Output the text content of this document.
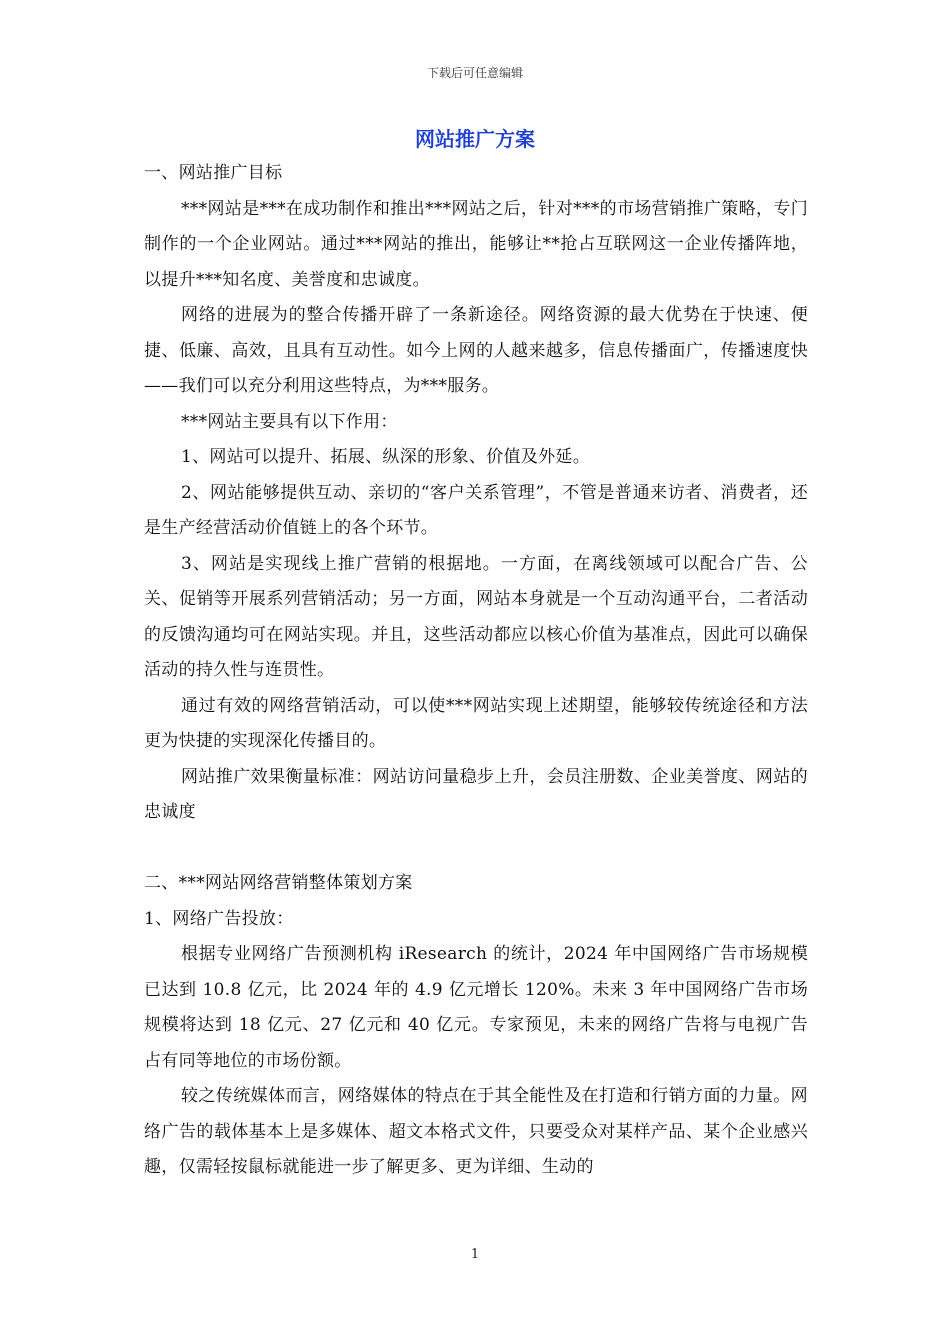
下载后可任意编辑
网站推广方案

一、网站推广目标

***网站是***在成功制作和推出***网站之后，针对***的市场营销推广策略，专门制作的一个企业网站。通过***网站的推出，能够让**抢占互联网这一企业传播阵地，以提升***知名度、美誉度和忠诚度。

网络的进展为的整合传播开辟了一条新途径。网络资源的最大优势在于快速、便捷、低廉、高效，且具有互动性。如今上网的人越来越多，信息传播面广，传播速度快——我们可以充分利用这些特点，为***服务。

***网站主要具有以下作用：

1、网站可以提升、拓展、纵深的形象、价值及外延。

2、网站能够提供互动、亲切的“客户关系管理”，不管是普通来访者、消费者，还是生产经营活动价值链上的各个环节。

3、网站是实现线上推广营销的根据地。一方面，在离线领域可以配合广告、公关、促销等开展系列营销活动；另一方面，网站本身就是一个互动沟通平台，二者活动的反馈沟通均可在网站实现。并且，这些活动都应以核心价值为基准点，因此可以确保活动的持久性与连贯性。

通过有效的网络营销活动，可以使***网站实现上述期望，能够较传统途径和方法更为快捷的实现深化传播目的。

网站推广效果衡量标准：网站访问量稳步上升，会员注册数、企业美誉度、网站的忠诚度

二、***网站网络营销整体策划方案

1、网络广告投放：

根据专业网络广告预测机构 iResearch 的统计，2024 年中国网络广告市场规模已达到 10.8 亿元，比 2024 年的 4.9 亿元增长 120%。未来 3 年中国网络广告市场规模将达到 18 亿元、27 亿元和 40 亿元。专家预见，未来的网络广告将与电视广告占有同等地位的市场份额。

较之传统媒体而言，网络媒体的特点在于其全能性及在打造和行销方面的力量。网络广告的载体基本上是多媒体、超文本格式文件，只要受众对某样产品、某个企业感兴趣，仅需轻按鼠标就能进一步了解更多、更为详细、生动的

1
